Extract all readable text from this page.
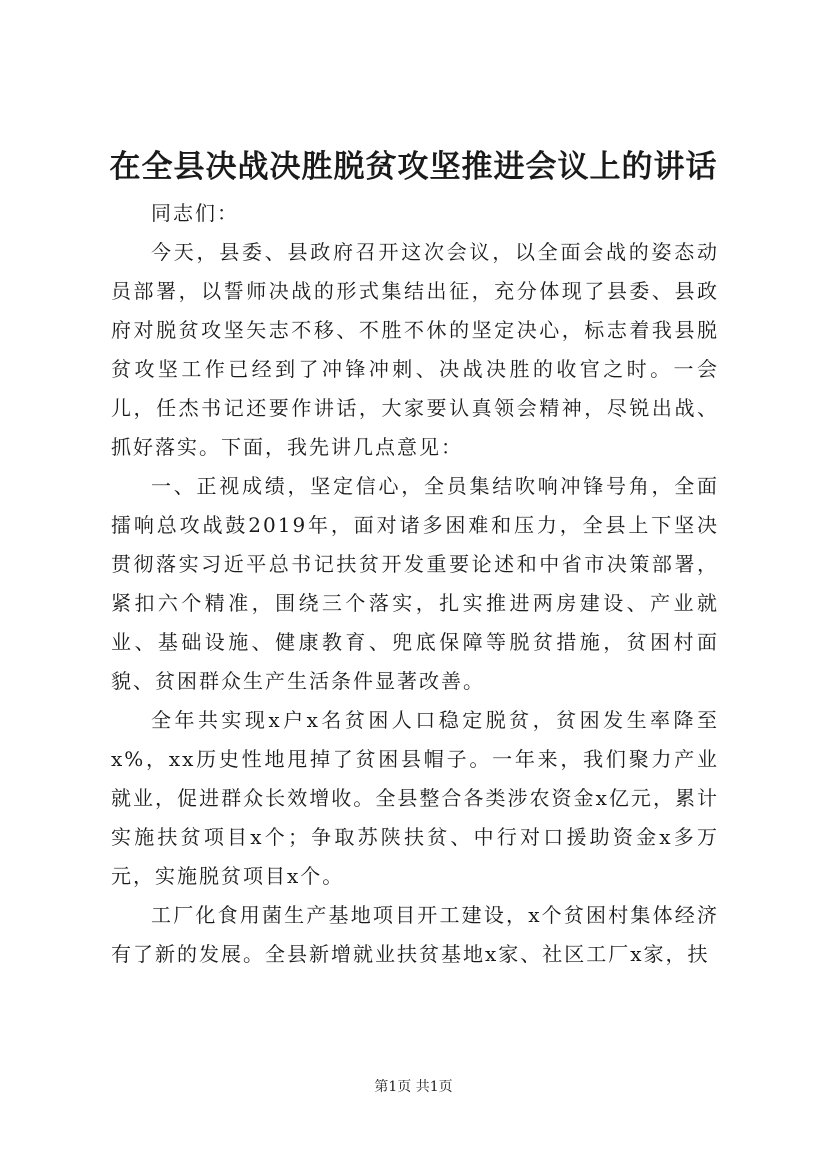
在全县决战决胜脱贫攻坚推进会议上的讲话

同志们：

今天，县委、县政府召开这次会议，以全面会战的姿态动员部署，以誓师决战的形式集结出征，充分体现了县委、县政府对脱贫攻坚矢志不移、不胜不休的坚定决心，标志着我县脱贫攻坚工作已经到了冲锋冲刺、决战决胜的收官之时。一会儿，任杰书记还要作讲话，大家要认真领会精神，尽锐出战、抓好落实。下面，我先讲几点意见：

一、正视成绩，坚定信心，全员集结吹响冲锋号角，全面擂响总攻战鼓2019年，面对诸多困难和压力，全县上下坚决贯彻落实习近平总书记扶贫开发重要论述和中省市决策部署，紧扣六个精准，围绕三个落实，扎实推进两房建设、产业就业、基础设施、健康教育、兜底保障等脱贫措施，贫困村面貌、贫困群众生产生活条件显著改善。

全年共实现x户x名贫困人口稳定脱贫，贫困发生率降至x%，xx历史性地甩掉了贫困县帽子。一年来，我们聚力产业就业，促进群众长效增收。全县整合各类涉农资金x亿元，累计实施扶贫项目x个；争取苏陕扶贫、中行对口援助资金x多万元，实施脱贫项目x个。

工厂化食用菌生产基地项目开工建设，x个贫困村集体经济有了新的发展。全县新增就业扶贫基地x家、社区工厂x家，扶

第1页 共1页
